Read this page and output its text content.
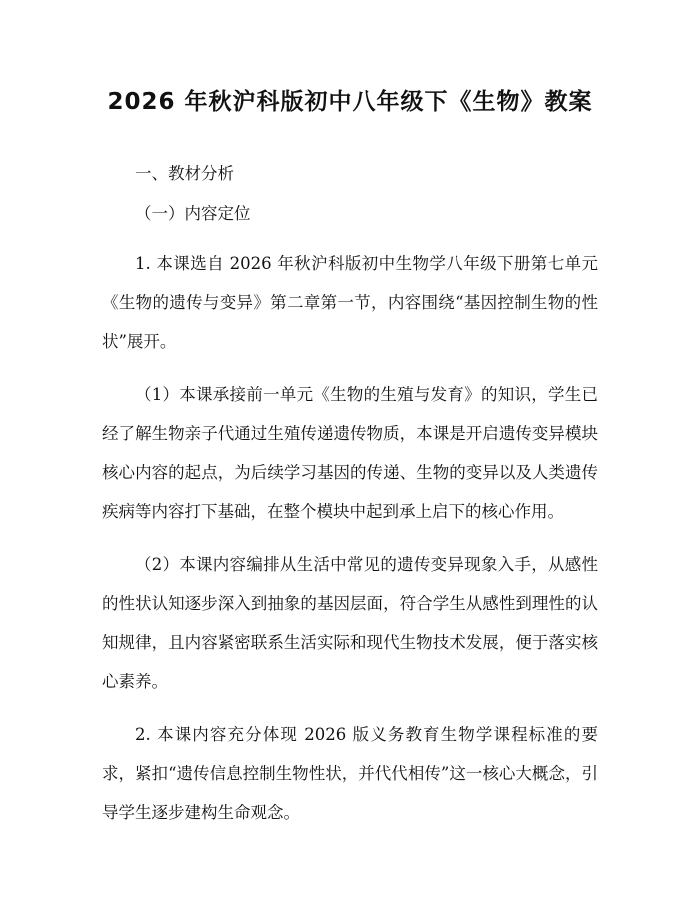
2026 年秋沪科版初中八年级下《生物》教案

一、教材分析

（一）内容定位

1. 本课选自 2026 年秋沪科版初中生物学八年级下册第七单元《生物的遗传与变异》第二章第一节，内容围绕“基因控制生物的性状”展开。

（1）本课承接前一单元《生物的生殖与发育》的知识，学生已经了解生物亲子代通过生殖传递遗传物质，本课是开启遗传变异模块核心内容的起点，为后续学习基因的传递、生物的变异以及人类遗传疾病等内容打下基础，在整个模块中起到承上启下的核心作用。

（2）本课内容编排从生活中常见的遗传变异现象入手，从感性的性状认知逐步深入到抽象的基因层面，符合学生从感性到理性的认知规律，且内容紧密联系生活实际和现代生物技术发展，便于落实核心素养。

2. 本课内容充分体现 2026 版义务教育生物学课程标准的要求，紧扣“遗传信息控制生物性状，并代代相传”这一核心大概念，引导学生逐步建构生命观念。
